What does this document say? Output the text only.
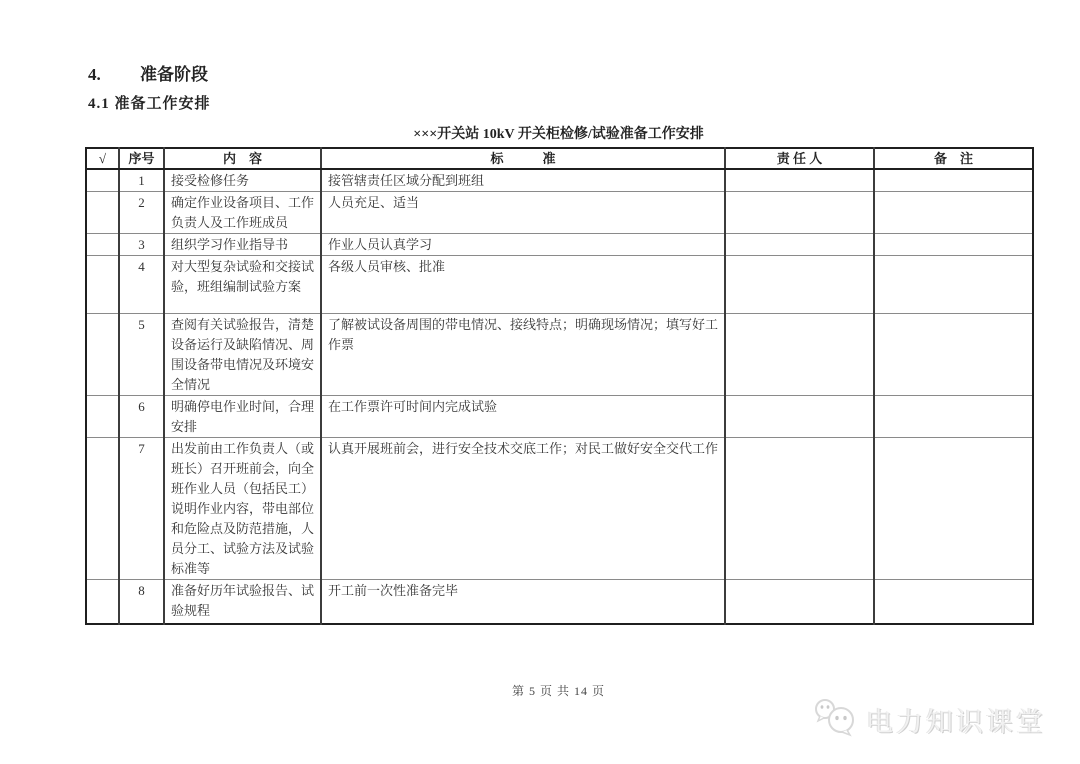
4. 准备阶段
4.1 准备工作安排
×××开关站 10kV 开关柜检修/试验准备工作安排
√	序号	内　容	标　　　准	责 任 人	备　注
	1	接受检修任务	接管辖责任区域分配到班组		
	2	确定作业设备项目、工作负责人及工作班成员	人员充足、适当		
	3	组织学习作业指导书	作业人员认真学习		
	4	对大型复杂试验和交接试验，班组编制试验方案	各级人员审核、批准		
	5	查阅有关试验报告，清楚设备运行及缺陷情况、周围设备带电情况及环境安全情况	了解被试设备周围的带电情况、接线特点；明确现场情况；填写好工作票		
	6	明确停电作业时间，合理安排	在工作票许可时间内完成试验		
	7	出发前由工作负责人（或班长）召开班前会，向全班作业人员（包括民工）说明作业内容，带电部位和危险点及防范措施，人员分工、试验方法及试验标准等	认真开展班前会，进行安全技术交底工作；对民工做好安全交代工作		
	8	准备好历年试验报告、试验规程	开工前一次性准备完毕		
第 5 页 共 14 页
电力知识课堂
